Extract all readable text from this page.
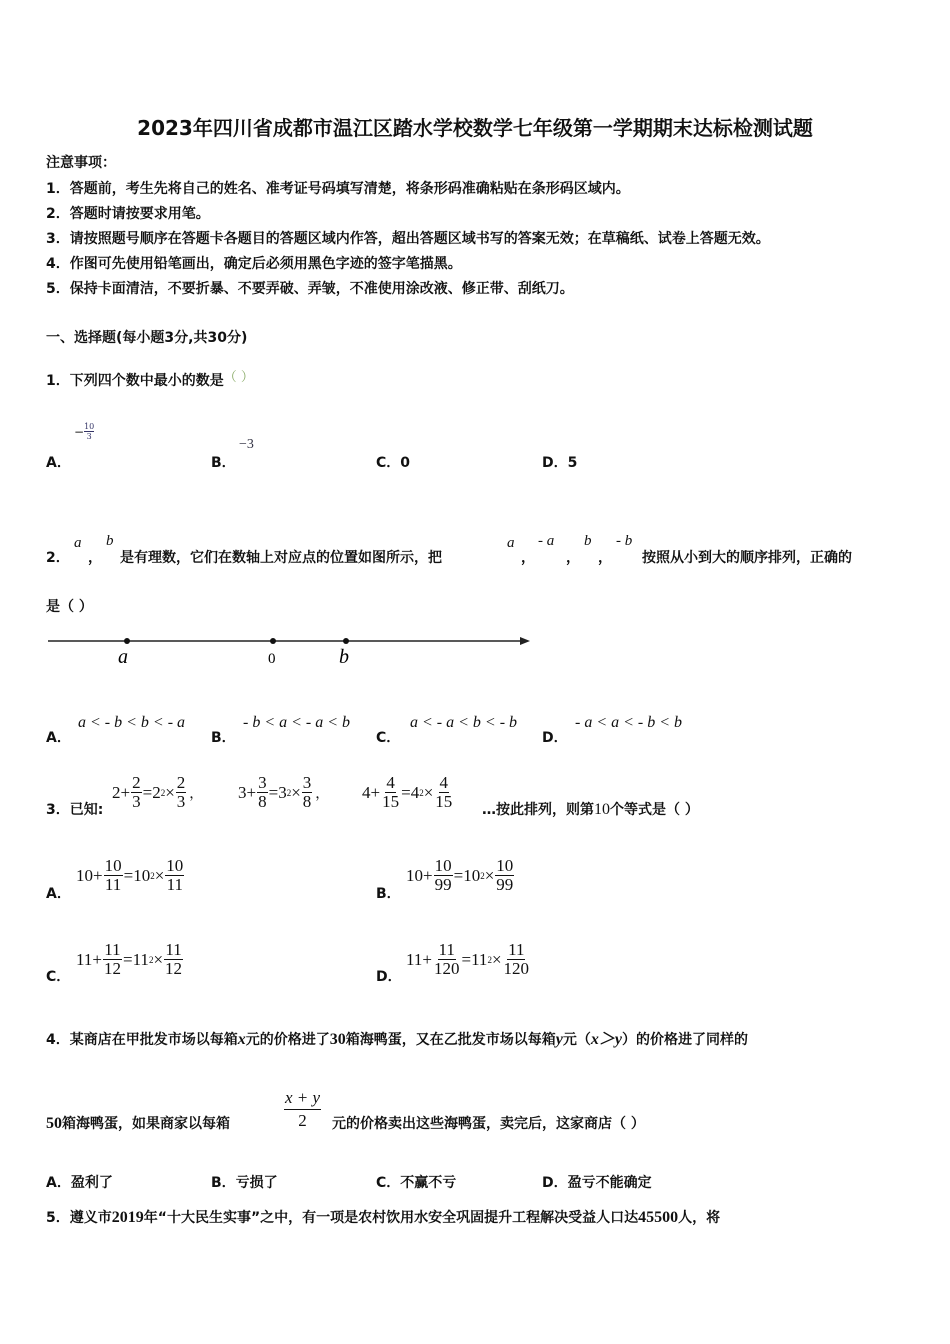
2023年四川省成都市温江区踏水学校数学七年级第一学期期末达标检测试题
注意事项：
1．答题前，考生先将自己的姓名、准考证号码填写清楚，将条形码准确粘贴在条形码区域内。
2．答题时请按要求用笔。
3．请按照题号顺序在答题卡各题目的答题区域内作答，超出答题区域书写的答案无效；在草稿纸、试卷上答题无效。
4．作图可先使用铅笔画出，确定后必须用黑色字迹的签字笔描黑。
5．保持卡面清洁，不要折暴、不要弄破、弄皱，不准使用涂改液、修正带、刮纸刀。
一、选择题(每小题3分,共30分)
1．下列四个数中最小的数是（ ）
A．
− $\frac{10}{3}$
B．
−3
C．0	D．5
2．
a
，
b
是有理数，它们在数轴上对应点的位置如图所示，把
a
，
- a
，
b
，
- b
按照从小到大的顺序排列，正确的
是（ ）
a	0	b
A．
a < - b < b < - a
B．
- b < a < - a < b
C．
a < - a < b < - b
D．
- a < a < - b < b
3．已知:
$2 + \frac{2}{3} = 2$ $2 \times \frac{2}{3}$ ， $3 + \frac{3}{8} = 3$ $2 \times \frac{3}{8}$ ， $4 + \frac{4}{15} = 4$ $2 \times \frac{4}{15}$ …按此排列，则第10个等式是（ ）
A．
$10 + \frac{10}{11} = 10$ $2 \times \frac{10}{11}$	B．
$10 + \frac{10}{99} = 10$ $2 \times \frac{10}{99}$
C．
$11 + \frac{11}{12} = 11$ $2 \times \frac{11}{12}$	D．
$11 + \frac{11}{120} = 11$ $2 \times \frac{11}{120}$
4．某商店在甲批发市场以每箱x元的价格进了30箱海鸭蛋，又在乙批发市场以每箱y元（x＞y）的价格进了同样的
50箱海鸭蛋，如果商家以每箱	$\frac{x + y}{2}$ 元的价格卖出这些海鸭蛋，卖完后，这家商店（ ）
A．盈利了	B．亏损了	C．不赢不亏	D．盈亏不能确定
5．遵义市2019年“十大民生实事”之中，有一项是农村饮用水安全巩固提升工程解决受益人口达45500人，将
